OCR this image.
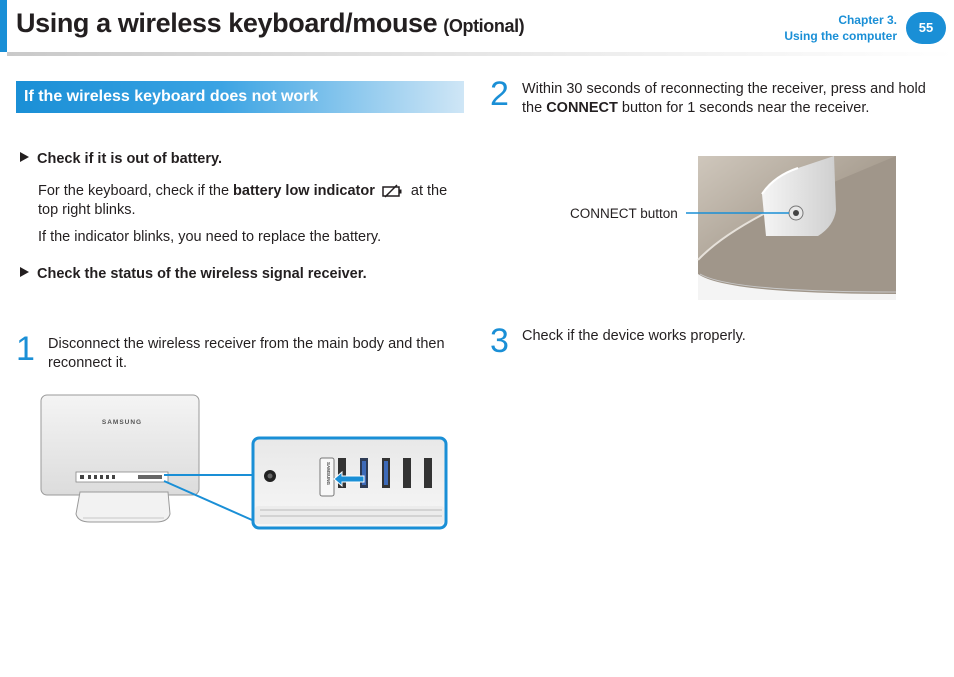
Using a wireless keyboard/mouse (Optional)	Chapter 3.
Using the computer
55
If the wireless keyboard does not work
Check if it is out of battery.
For the keyboard, check if the battery low indicator at the top right blinks.
If the indicator blinks, you need to replace the battery.
Check the status of the wireless signal receiver.
1 Disconnect the wireless receiver from the main body and then reconnect it.
SAMSUNG
SAMSUNG
2 Within 30 seconds of reconnecting the receiver, press and hold the CONNECT button for 1 seconds near the receiver.
CONNECT button
3 Check if the device works properly.
